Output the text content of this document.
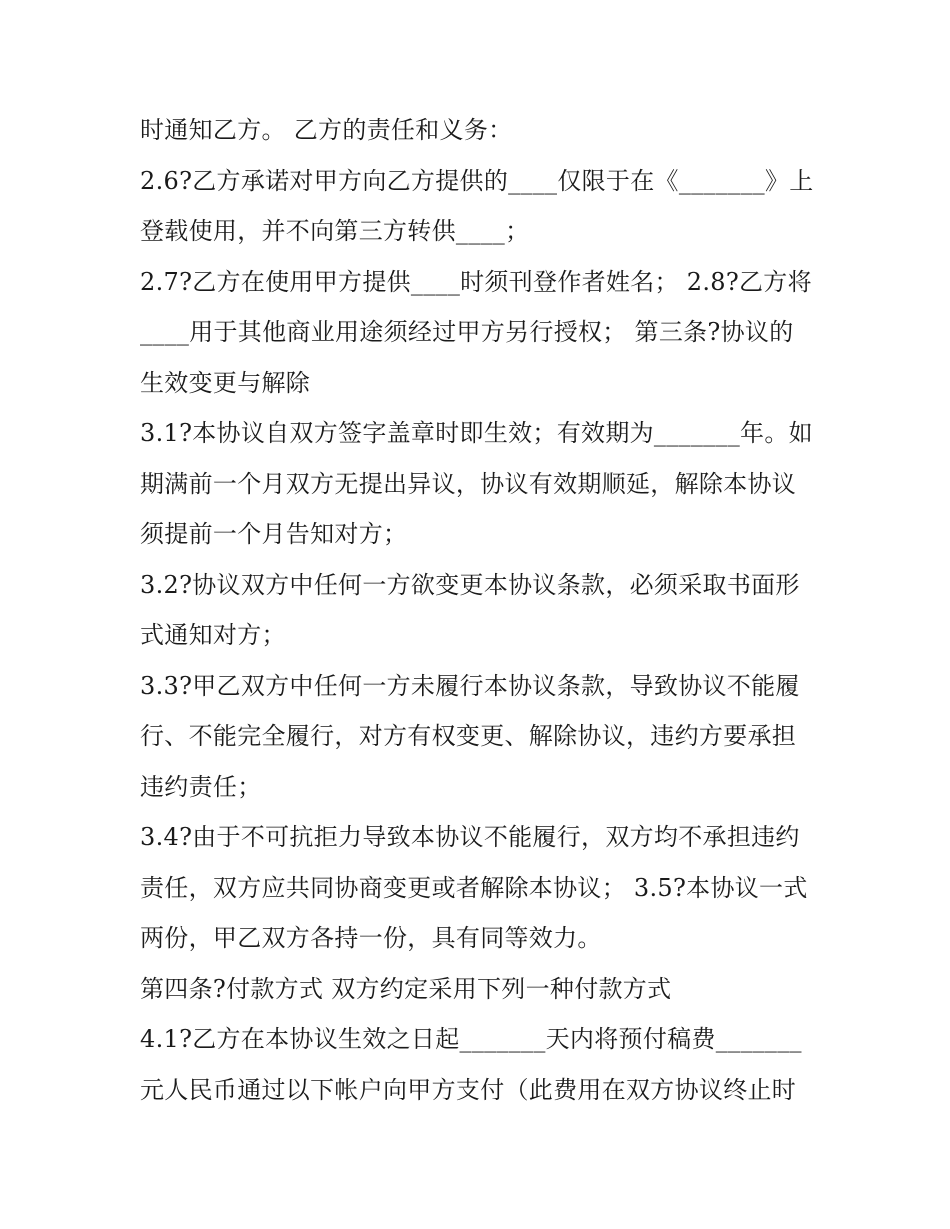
时通知乙方。 乙方的责任和义务：
2.6?乙方承诺对甲方向乙方提供的____仅限于在《_______》上
登载使用，并不向第三方转供____；
2.7?乙方在使用甲方提供____时须刊登作者姓名； 2.8?乙方将
____用于其他商业用途须经过甲方另行授权； 第三条?协议的
生效变更与解除
3.1?本协议自双方签字盖章时即生效；有效期为_______年。如
期满前一个月双方无提出异议，协议有效期顺延，解除本协议
须提前一个月告知对方；
3.2?协议双方中任何一方欲变更本协议条款，必须采取书面形
式通知对方；
3.3?甲乙双方中任何一方未履行本协议条款，导致协议不能履
行、不能完全履行，对方有权变更、解除协议，违约方要承担
违约责任；
3.4?由于不可抗拒力导致本协议不能履行，双方均不承担违约
责任，双方应共同协商变更或者解除本协议； 3.5?本协议一式
两份，甲乙双方各持一份，具有同等效力。
第四条?付款方式 双方约定采用下列一种付款方式
4.1?乙方在本协议生效之日起_______天内将预付稿费_______
元人民币通过以下帐户向甲方支付（此费用在双方协议终止时
